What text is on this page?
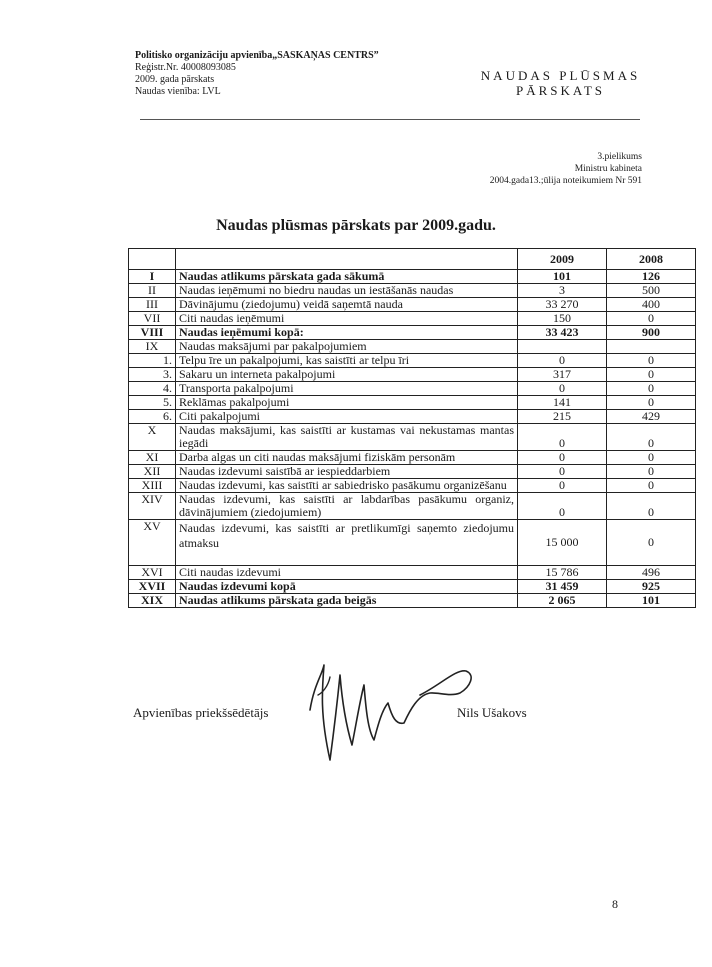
Politisko organizāciju apvienība„SASKAŅAS CENTRS”
Reģistr.Nr. 40008093085
2009. gada pārskats
Naudas vienība: LVL
NAUDAS PLŪSMAS
PĀRSKATS
3.pielikums
Ministru kabineta
2004.gada13.;ūlija noteikumiem Nr 591
Naudas plūsmas pārskats par 2009.gadu.
		2009	2008
I	Naudas atlikums pārskata gada sākumā	101	126
II	Naudas ieņēmumi no biedru naudas un iestāšanās naudas	3	500
III	Dāvinājumu (ziedojumu) veidā saņemtā nauda	33 270	400
VII	Citi naudas ieņēmumi	150	0
VIII	Naudas ieņēmumi kopā:	33 423	900
IX	Naudas maksājumi par pakalpojumiem		
1.	Telpu īre un pakalpojumi, kas saistīti ar telpu īri	0	0
3.	Sakaru un interneta pakalpojumi	317	0
4.	Transporta pakalpojumi	0	0
5.	Reklāmas pakalpojumi	141	0
6.	Citi pakalpojumi	215	429
X	Naudas maksājumi, kas saistīti ar kustamas vai nekustamas mantas iegādi	0	0
XI	Darba algas un citi naudas maksājumi fiziskām personām	0	0
XII	Naudas izdevumi saistībā ar iespieddarbiem	0	0
XIII	Naudas izdevumi, kas saistīti ar sabiedrisko pasākumu organizēšanu	0	0
XIV	Naudas izdevumi, kas saistīti ar labdarības pasākumu organiz, dāvinājumiem (ziedojumiem)	0	0
XV	Naudas izdevumi, kas saistīti ar pretlikumīgi saņemto ziedojumu atmaksu	15 000	0
XVI	Citi naudas izdevumi	15 786	496
XVII	Naudas izdevumi kopā	31 459	925
XIX	Naudas atlikums pārskata gada beigās	2 065	101
Apvienības priekšsēdētājs	Nils Ušakovs
8
